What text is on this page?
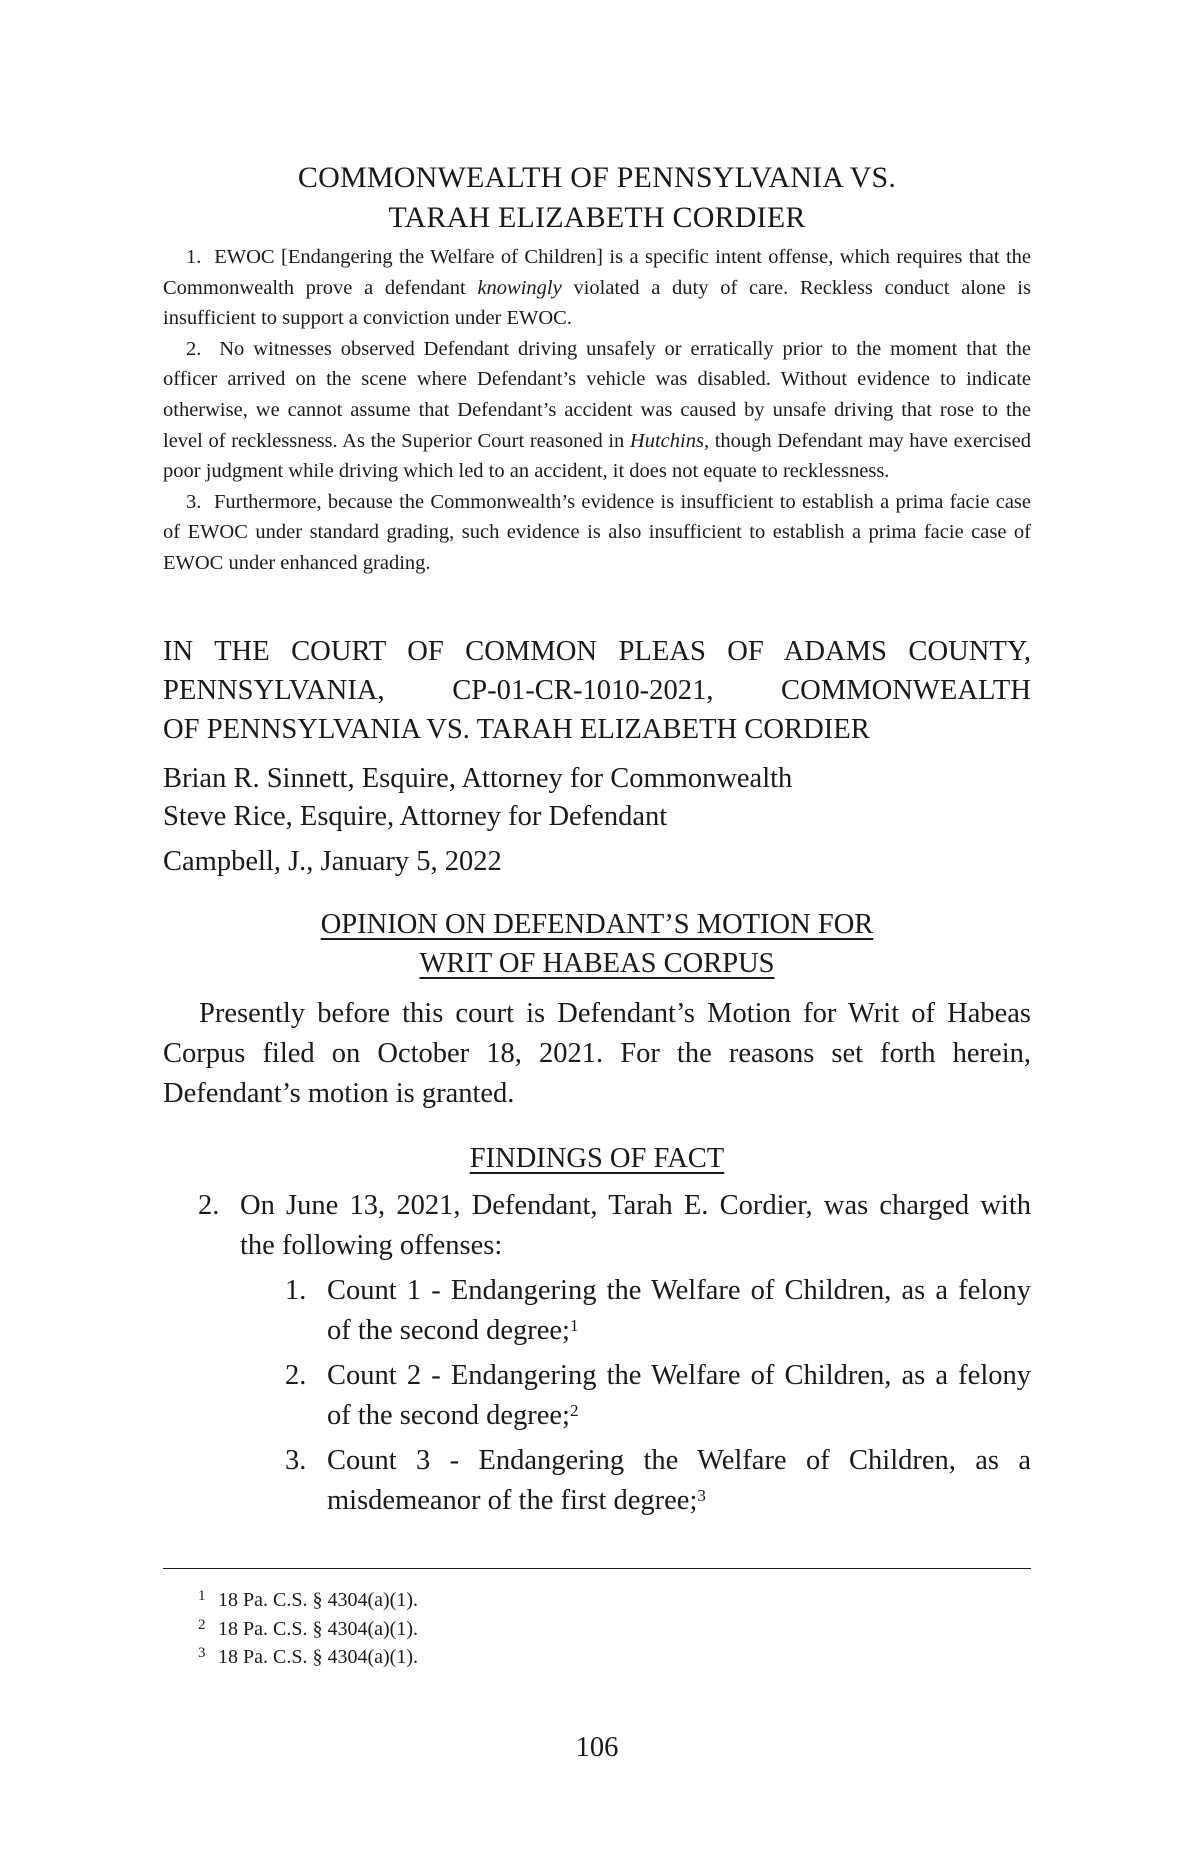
COMMONWEALTH OF PENNSYLVANIA VS.
TARAH ELIZABETH CORDIER

1. EWOC [Endangering the Welfare of Children] is a specific intent offense, which requires that the Commonwealth prove a defendant knowingly violated a duty of care. Reckless conduct alone is insufficient to support a conviction under EWOC.

2. No witnesses observed Defendant driving unsafely or erratically prior to the moment that the officer arrived on the scene where Defendant’s vehicle was disabled. Without evidence to indicate otherwise, we cannot assume that Defendant’s accident was caused by unsafe driving that rose to the level of recklessness. As the Superior Court reasoned in Hutchins, though Defendant may have exercised poor judgment while driving which led to an accident, it does not equate to recklessness.

3. Furthermore, because the Commonwealth’s evidence is insufficient to establish a prima facie case of EWOC under standard grading, such evidence is also insufficient to establish a prima facie case of EWOC under enhanced grading.

IN THE COURT OF COMMON PLEAS OF ADAMS COUNTY,
PENNSYLVANIA, CP-01-CR-1010-2021, COMMONWEALTH
OF PENNSYLVANIA VS. TARAH ELIZABETH CORDIER

Brian R. Sinnett, Esquire, Attorney for Commonwealth

Steve Rice, Esquire, Attorney for Defendant

Campbell, J., January 5, 2022

OPINION ON DEFENDANT’S MOTION FOR
WRIT OF HABEAS CORPUS

Presently before this court is Defendant’s Motion for Writ of Habeas Corpus filed on October 18, 2021. For the reasons set forth herein, Defendant’s motion is granted.

FINDINGS OF FACT
2. On June 13, 2021, Defendant, Tarah E. Cordier, was charged with the following offenses:
1. Count 1 - Endangering the Welfare of Children, as a felony of the second degree;$^1$
2. Count 2 - Endangering the Welfare of Children, as a felony of the second degree;$^2$
3. Count 3 - Endangering the Welfare of Children, as a misdemeanor of the first degree;$^3$
1 18 Pa. C.S. § 4304(a)(1).
2 18 Pa. C.S. § 4304(a)(1).
3 18 Pa. C.S. § 4304(a)(1).
106
